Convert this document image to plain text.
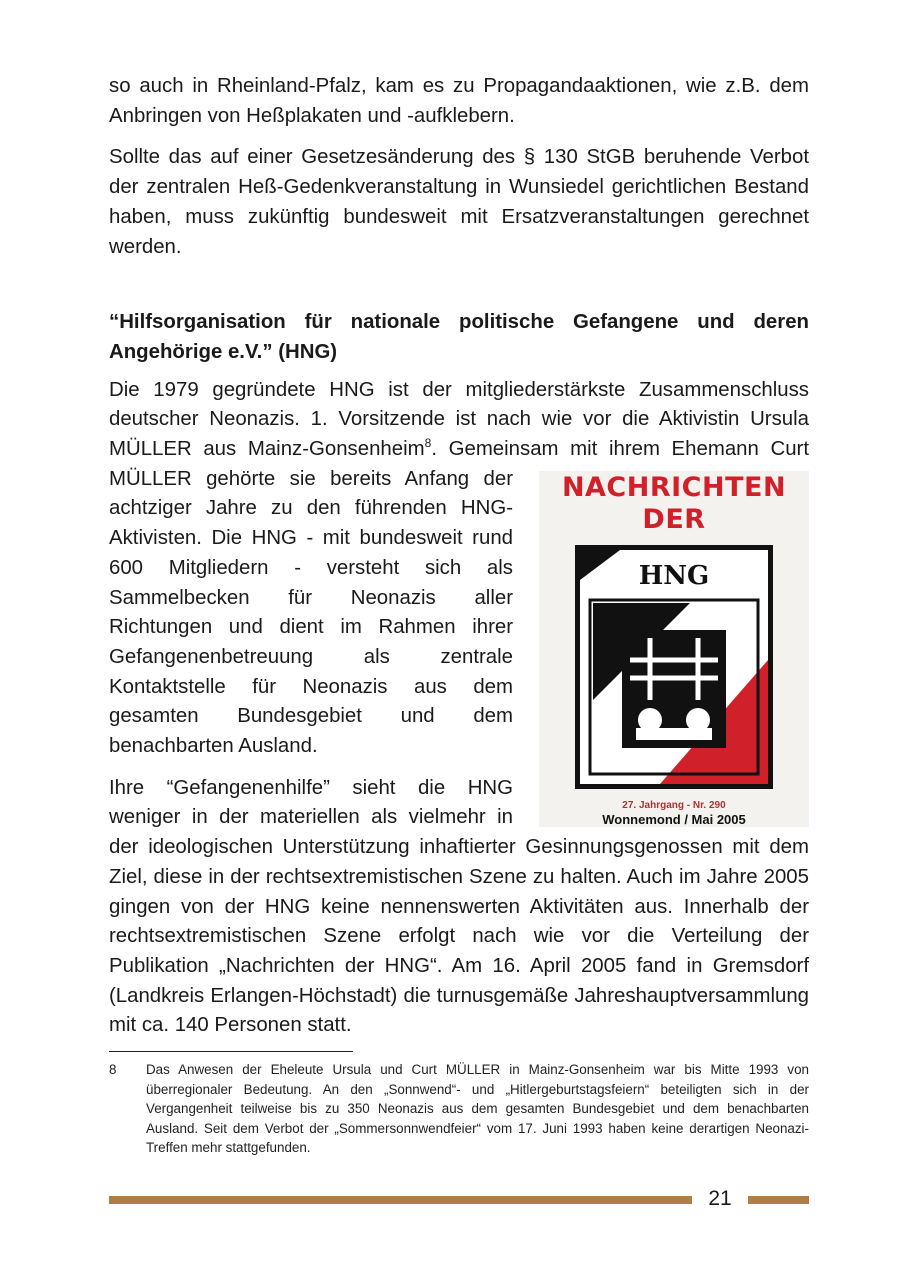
so auch in Rheinland-Pfalz, kam es zu Propagandaaktionen, wie z.B. dem Anbringen von Heßplakaten und -aufklebern.

Sollte das auf einer Gesetzesänderung des § 130 StGB beruhende Verbot der zentralen Heß-Gedenkveranstaltung in Wunsiedel gerichtlichen Bestand haben, muss zukünftig bundesweit mit Ersatzveranstaltungen gerechnet werden.

“Hilfsorganisation für nationale politische Gefangene und deren Angehörige e.V.” (HNG)

Die 1979 gegründete HNG ist der mitgliederstärkste Zusammenschluss deutscher Neonazis. 1. Vorsitzende ist nach wie vor die Aktivistin Ursula MÜLLER aus Mainz-Gonsenheim$^8$. Gemeinsam mit ihrem Ehemann Curt
NACHRICHTEN
DER
HNG
27. Jahrgang - Nr. 290
Wonnemond / Mai 2005
MÜLLER gehörte sie bereits Anfang der achtziger Jahre zu den führenden HNG-Aktivisten. Die HNG - mit bundesweit rund 600 Mitgliedern - versteht sich als Sammelbecken für Neonazis aller Richtungen und dient im Rahmen ihrer Gefangenenbetreuung als zentrale Kontaktstelle für Neonazis aus dem gesamten Bundesgebiet und dem benachbarten Ausland.

Ihre “Gefangenenhilfe” sieht die HNG weniger in der materiellen als vielmehr in der ideologischen Unterstützung inhaftierter Gesinnungsgenossen mit dem Ziel, diese in der rechtsextremistischen Szene zu halten. Auch im Jahre 2005 gingen von der HNG keine nennenswerten Aktivitäten aus. Innerhalb der rechtsextremistischen Szene erfolgt nach wie vor die Verteilung der Publikation „Nachrichten der HNG“. Am 16. April 2005 fand in Gremsdorf (Landkreis Erlangen-Höchstadt) die turnusgemäße Jahreshauptversammlung mit ca. 140 Personen statt.

8 Das Anwesen der Eheleute Ursula und Curt MÜLLER in Mainz-Gonsenheim war bis Mitte 1993 von überregionaler Bedeutung. An den „Sonnwend“- und „Hitlergeburtstagsfeiern“ beteiligten sich in der Vergangenheit teilweise bis zu 350 Neonazis aus dem gesamten Bundesgebiet und dem benachbarten Ausland. Seit dem Verbot der „Sommersonnwendfeier“ vom 17. Juni 1993 haben keine derartigen Neonazi-Treffen mehr stattgefunden.
21
